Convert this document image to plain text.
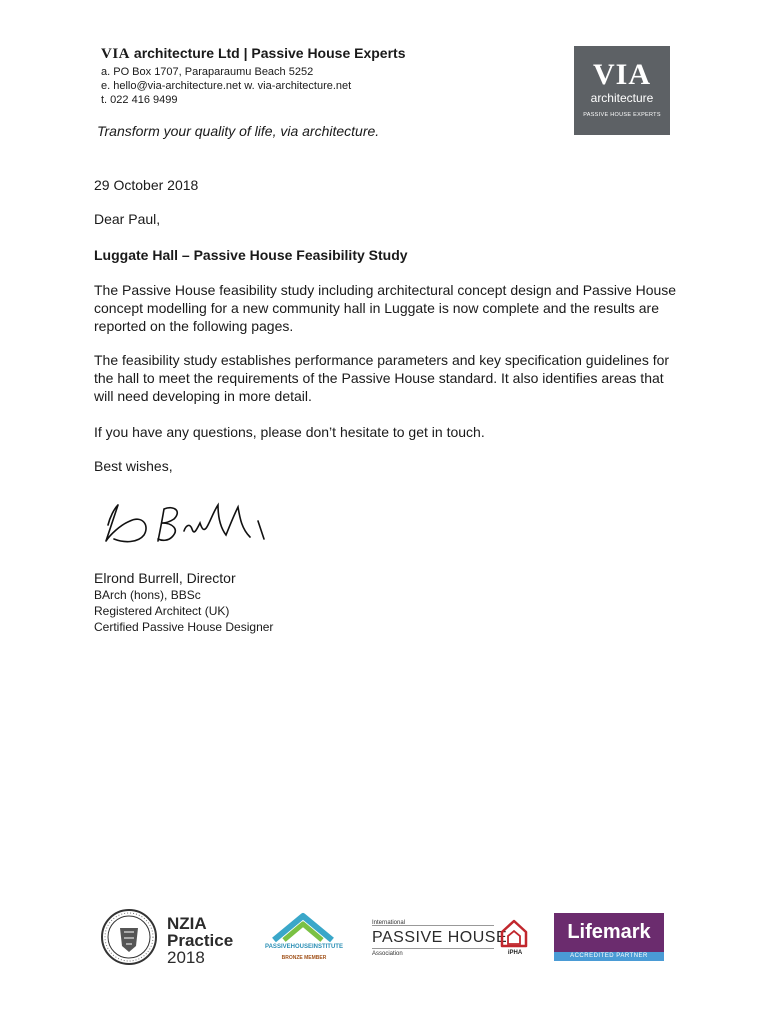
VIA architecture Ltd | Passive House Experts
a. PO Box 1707, Paraparaumu Beach 5252
e. hello@via-architecture.net w. via-architecture.net
t. 022 416 9499
Transform your quality of life, via architecture.
VIA
architecture
PASSIVE HOUSE EXPERTS
29 October 2018
Dear Paul,
Luggate Hall – Passive House Feasibility Study
The Passive House feasibility study including architectural concept design and Passive House concept modelling for a new community hall in Luggate is now complete and the results are reported on the following pages.
The feasibility study establishes performance parameters and key specification guidelines for the hall to meet the requirements of the Passive House standard. It also identifies areas that will need developing in more detail.
If you have any questions, please don’t hesitate to get in touch.
Best wishes,
Elrond Burrell, Director
BArch (hons), BBSc
Registered Architect (UK)
Certified Passive House Designer
NZIA
Practice
2018
PASSIVEHOUSEINSTITUTE
BRONZE MEMBER
International
PASSIVE HOUSE
Association	iPHA
Lifemark
ACCREDITED PARTNER
